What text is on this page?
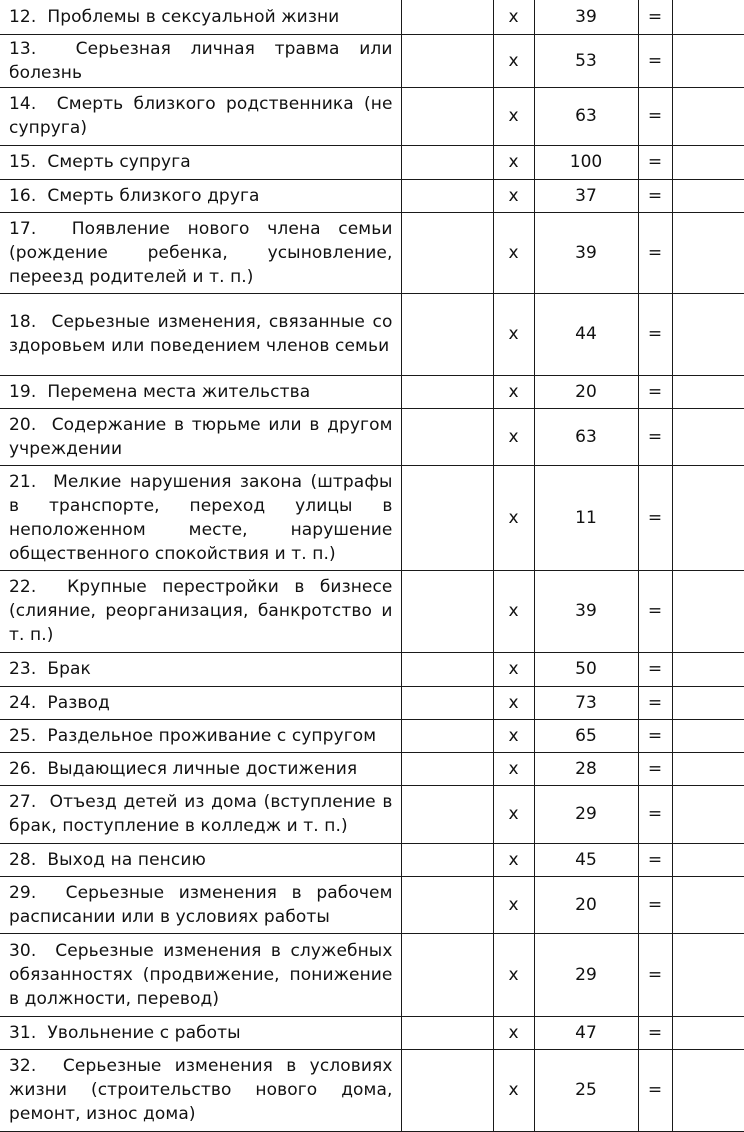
12. Проблемы в сексуальной жизни		x	39	=	
13. Серьезная личная травма или болезнь		x	53	=	
14. Смерть близкого родственника (не супруга)		x	63	=	
15. Смерть супруга		x	100	=	
16. Смерть близкого друга		x	37	=	
17. Появление нового члена семьи (рождение ребенка, усыновление, переезд родителей и т. п.)		x	39	=	
18. Серьезные изменения, связанные со здоровьем или поведением членов семьи		x	44	=	
19. Перемена места жительства		x	20	=	
20. Содержание в тюрьме или в другом учреждении		x	63	=	
21. Мелкие нарушения закона (штрафы в транспорте, переход улицы в неположенном месте, нарушение общественного спокойствия и т. п.)		x	11	=	
22. Крупные перестройки в бизнесе (слияние, реорганизация, банкротство и т. п.)		x	39	=	
23. Брак		x	50	=	
24. Развод		x	73	=	
25. Раздельное проживание с супругом		x	65	=	
26. Выдающиеся личные достижения		x	28	=	
27. Отъезд детей из дома (вступление в брак, поступление в колледж и т. п.)		x	29	=	
28. Выход на пенсию		x	45	=	
29. Серьезные изменения в рабочем расписании или в условиях работы		x	20	=	
30. Серьезные изменения в служебных обязанностях (продвижение, понижение в должности, перевод)		x	29	=	
31. Увольнение с работы		x	47	=	
32. Серьезные изменения в условиях жизни (строительство нового дома, ремонт, износ дома)		x	25	=	
